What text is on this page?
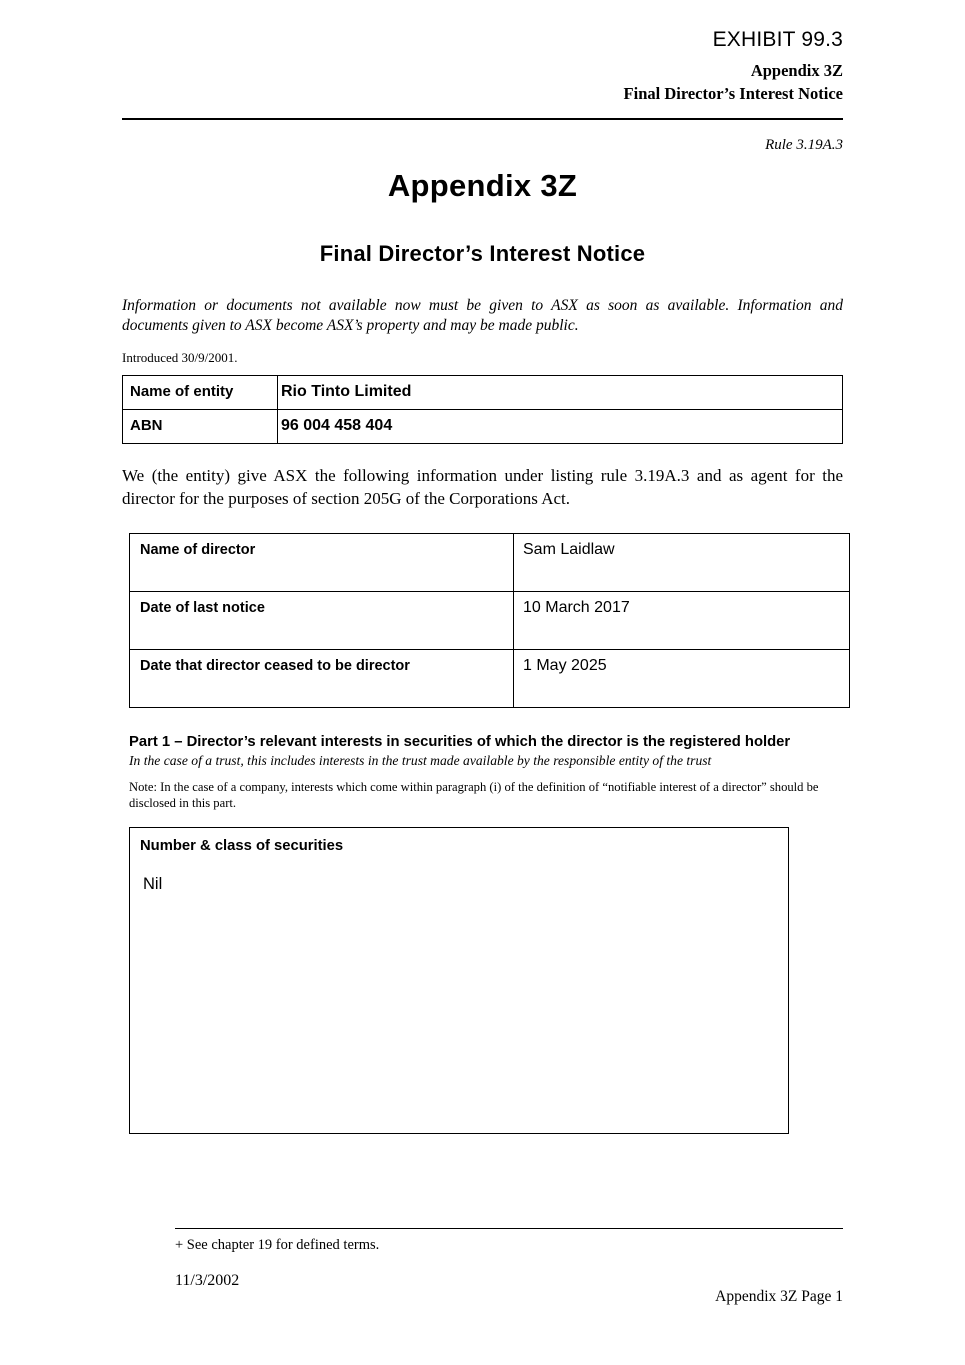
EXHIBIT 99.3
Appendix 3Z
Final Director’s Interest Notice
Rule 3.19A.3
Appendix 3Z
Final Director’s Interest Notice
Information or documents not available now must be given to ASX as soon as available. Information and documents given to ASX become ASX’s property and may be made public.
Introduced 30/9/2001.
Name of entity	Rio Tinto Limited
ABN	96 004 458 404
We (the entity) give ASX the following information under listing rule 3.19A.3 and as agent for the director for the purposes of section 205G of the Corporations Act.
Name of director	Sam Laidlaw
Date of last notice	10 March 2017
Date that director ceased to be director	1 May 2025
Part 1 – Director’s relevant interests in securities of which the director is the registered holder
In the case of a trust, this includes interests in the trust made available by the responsible entity of the trust
Note: In the case of a company, interests which come within paragraph (i) of the definition of “notifiable interest of a director” should be disclosed in this part.
Number & class of securities
Nil
+ See chapter 19 for defined terms.
11/3/2002
Appendix 3Z Page 1
